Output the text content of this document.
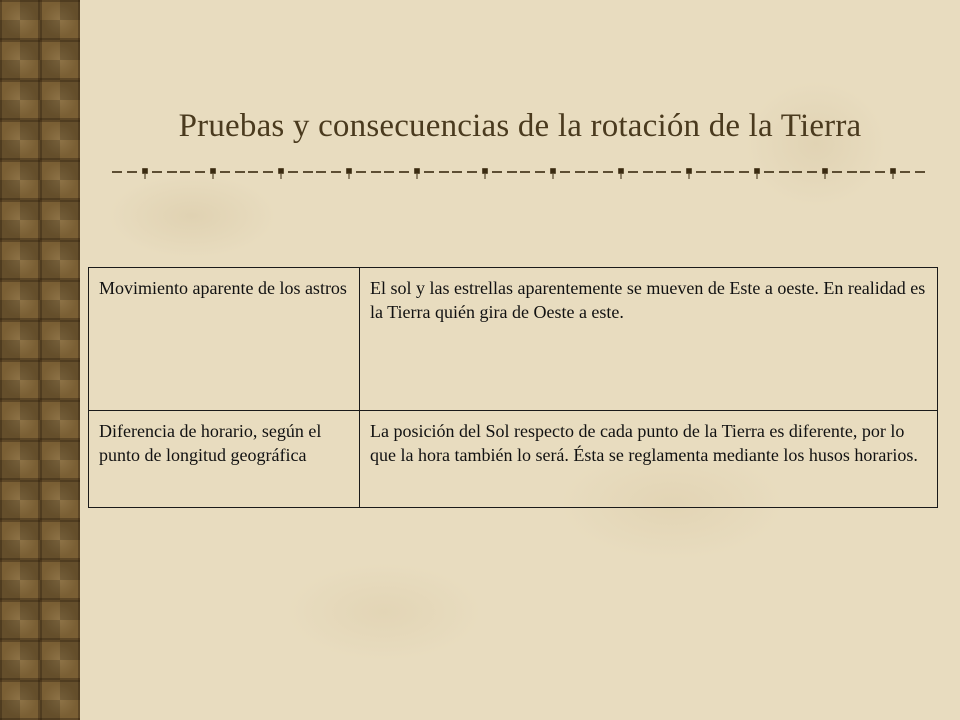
Pruebas y consecuencias de la rotación de la Tierra
Movimiento aparente de los astros	El sol y las estrellas aparentemente se mueven de Este a oeste. En realidad es la Tierra quién gira de Oeste a este.
Diferencia de horario, según el punto de longitud geográfica	La posición del Sol respecto de cada punto de la Tierra es diferente, por lo que la hora también lo será. Ésta se reglamenta mediante los husos horarios.
